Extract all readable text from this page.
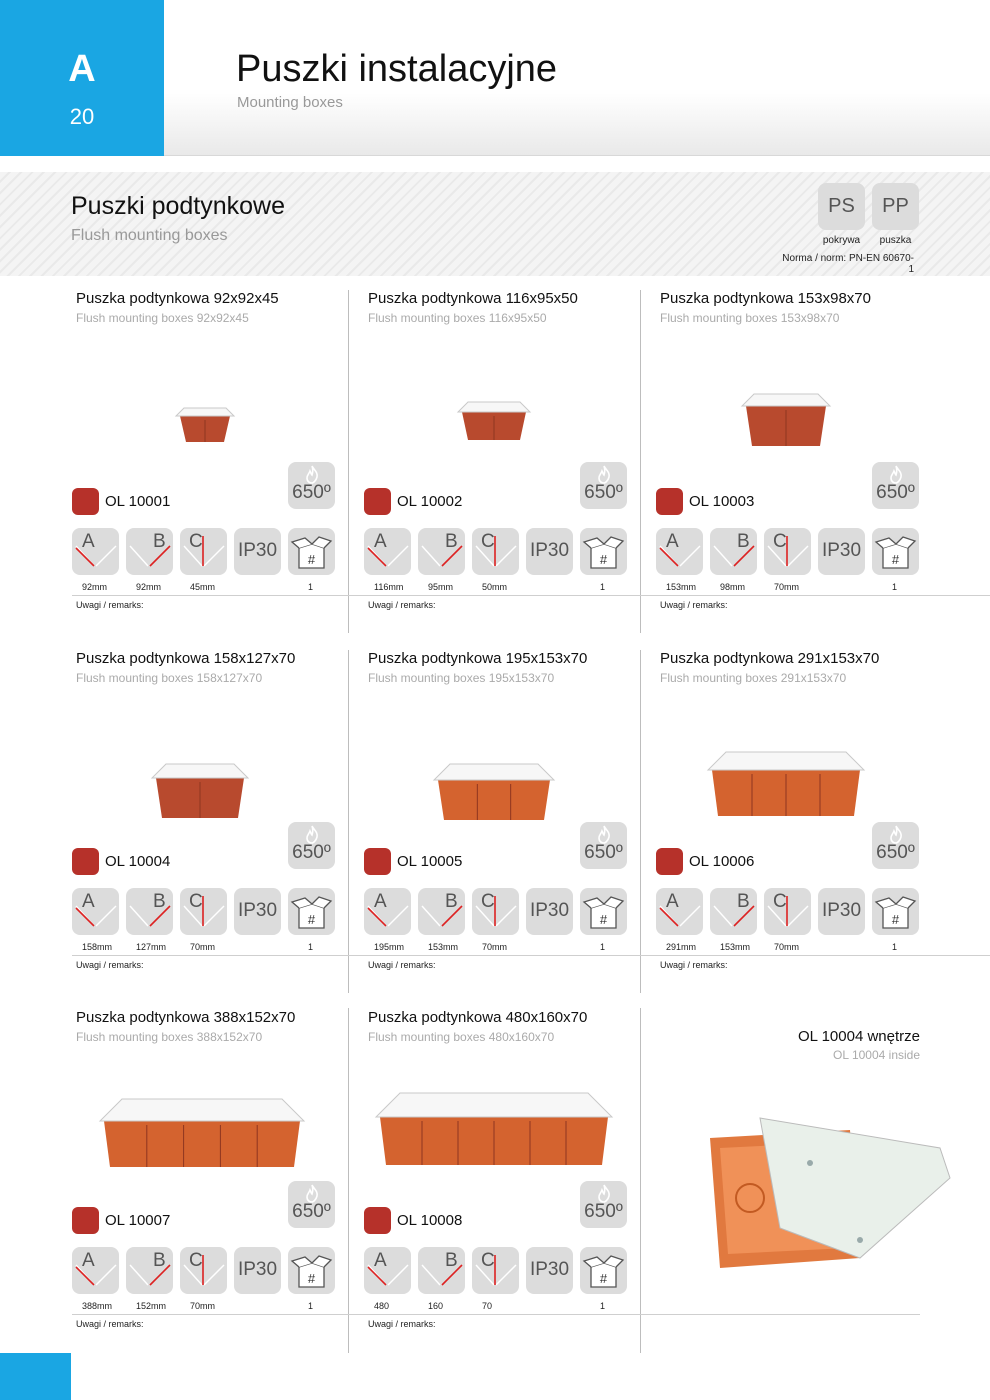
A
20
Puszki instalacyjne
Mounting boxes
Puszki podtynkowe
Flush mounting boxes
PS	PP
pokrywa	puszka
Norma / norm: PN-EN 60670-1
Puszka podtynkowa 92x92x45
Flush mounting boxes 92x92x45
OL 10001	650º
A	B C IP30	#
92mm	92mm	45mm	1
Uwagi / remarks:
Puszka podtynkowa 116x95x50
Flush mounting boxes 116x95x50
OL 10002	650º
A	B C IP30	#
116mm	95mm	50mm	1
Uwagi / remarks:
Puszka podtynkowa 153x98x70
Flush mounting boxes 153x98x70
OL 10003	650º
A	B C IP30	#
153mm	98mm	70mm	1
Uwagi / remarks:
Puszka podtynkowa 158x127x70
Flush mounting boxes 158x127x70
OL 10004	650º
A	B C IP30	#
158mm	127mm	70mm	1
Uwagi / remarks:
Puszka podtynkowa 195x153x70
Flush mounting boxes 195x153x70
OL 10005	650º
A	B C IP30	#
195mm	153mm	70mm	1
Uwagi / remarks:
Puszka podtynkowa 291x153x70
Flush mounting boxes 291x153x70
OL 10006	650º
A	B C IP30	#
291mm	153mm	70mm	1
Uwagi / remarks:
Puszka podtynkowa 388x152x70
Flush mounting boxes 388x152x70
OL 10007	650º
A	B C IP30	#
388mm	152mm	70mm	1
Uwagi / remarks:
Puszka podtynkowa 480x160x70
Flush mounting boxes 480x160x70
OL 10008	650º
A	B C IP30	#
480	160	70	1
Uwagi / remarks:
OL 10004 wnętrze
OL 10004 inside
